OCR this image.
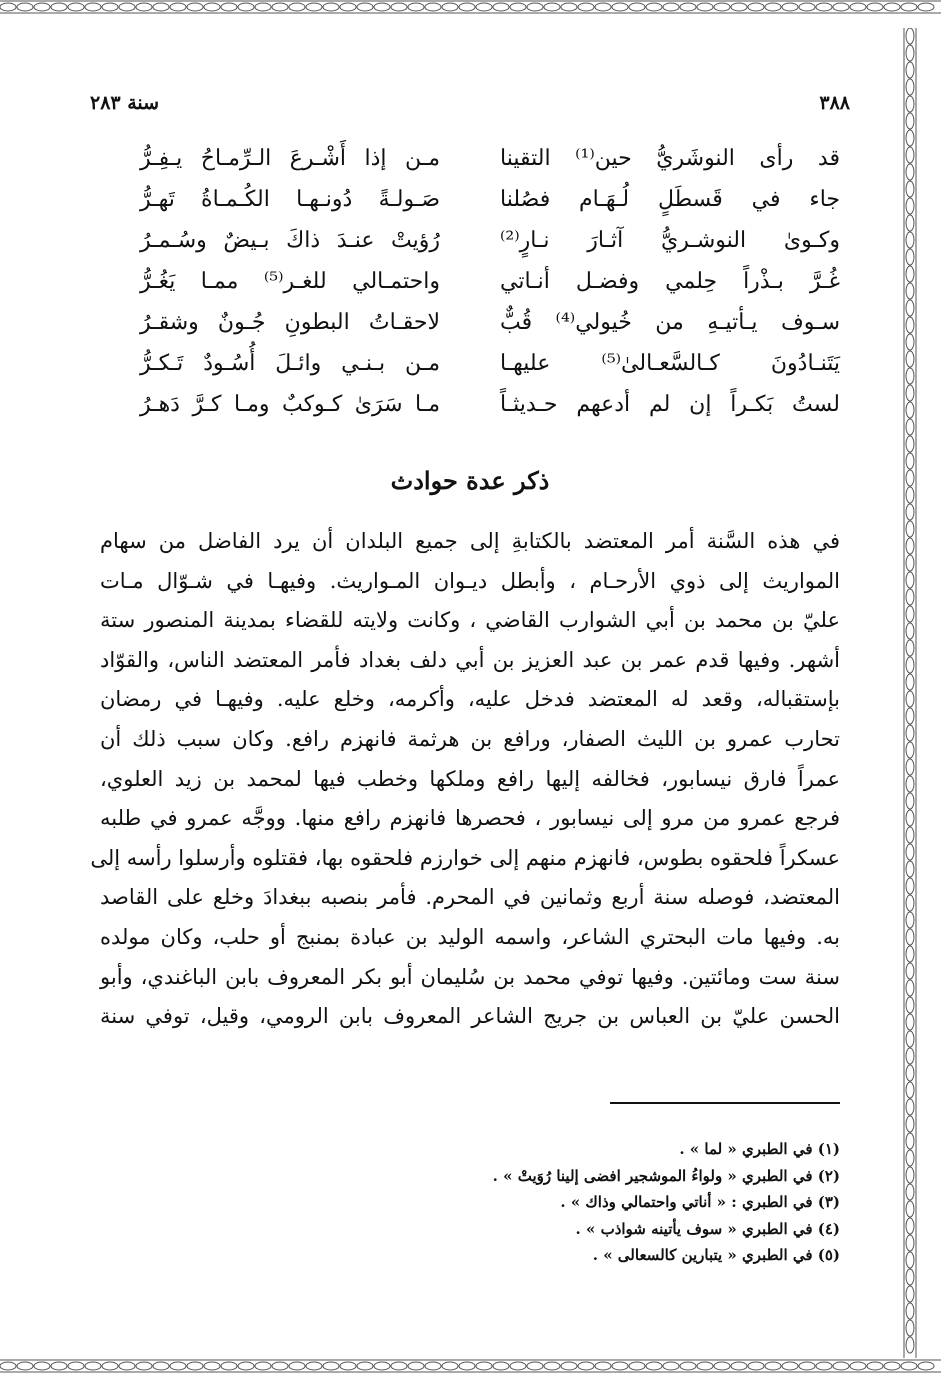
٣٨٨
سنة ٢٨٣
قد رأى النوشَريُّ حين⁽¹⁾ التقينا
مـن إذا أَشْـرعَ الـرِّمـاحُ يـفِـرُّ
جاء في قَسطَلٍ لُـهَـام فصُلنا
صَـولـةً دُونـهـا الكُـمـاةُ تَهـرُّ
وكـوىٰ النوشـريُّ آثـارَ نـارٍ⁽²⁾
رُؤيتْ عنـدَ ذاكَ بـيضٌ وسُـمـرُ
غُـرَّ بـذْراً حِلمي وفضـل أنـاتي
واحتمـالي للغـر⁽⁵⁾ ممـا يَغُـرُّ
سـوف يـأتيـهِ من خُيولي⁽⁴⁾ قُبٌّ
لاحقـاتُ البطونِ جُـونٌ وشقـرُ
يَتَنـادُونَ كـالسَّعـالىٰ⁽⁵⁾ عليهـا
مـن بـنـي وائـلَ أُسُـودٌ تَـكـرُّ
لستُ بَكـراً إن لم أدعهم حـديثـاً
مـا سَرَىٰ كـوكبٌ ومـا كـرَّ دَهـرُ
ذكر عدة حوادث
في هذه السَّنة أمر المعتضد بالكتابةِ إلى جميع البلدان أن يرد الفاضل من سهام
المواريث إلى ذوي الأرحـام ، وأبطل ديـوان المـواريث. وفيهـا في شـوّال مـات
عليّ بن محمد بن أبي الشوارب القاضي ، وكانت ولايته للقضاء بمدينة المنصور ستة
أشهر. وفيها قدم عمر بن عبد العزيز بن أبي دلف بغداد فأمر المعتضد الناس، والقوّاد
بإستقباله، وقعد له المعتضد فدخل عليه، وأكرمه، وخلع عليه. وفيهـا في رمضان
تحارب عمرو بن الليث الصفار، ورافع بن هرثمة فانهزم رافع. وكان سبب ذلك أن
عمراً فارق نيسابور، فخالفه إليها رافع وملكها وخطب فيها لمحمد بن زيد العلوي،
فرجع عمرو من مرو إلى نيسابور ، فحصرها فانهزم رافع منها. ووجَّه عمرو في طلبه
عسكراً فلحقوه بطوس، فانهزم منهم إلى خوارزم فلحقوه بها، فقتلوه وأرسلوا رأسه إلى
المعتضد، فوصله سنة أربع وثمانين في المحرم. فأمر بنصبه ببغدادَ وخلع على القاصد
به. وفيها مات البحتري الشاعر، واسمه الوليد بن عبادة بمنبج أو حلب، وكان مولده
سنة ست ومائتين. وفيها توفي محمد بن سُليمان أبو بكر المعروف بابن الباغندي، وأبو
الحسن عليّ بن العباس بن جريج الشاعر المعروف بابن الرومي، وقيل، توفي سنة
(١) في الطبري « لما » .
(٢) في الطبري « ولواءُ الموشجير افضى إلينا رُوَيتْ » .
(٣) في الطبري : « أناتي واحتمالي وذاك » .
(٤) في الطبري « سوف يأتينه شواذب » .
(٥) في الطبري « يتبارين كالسعالى » .
